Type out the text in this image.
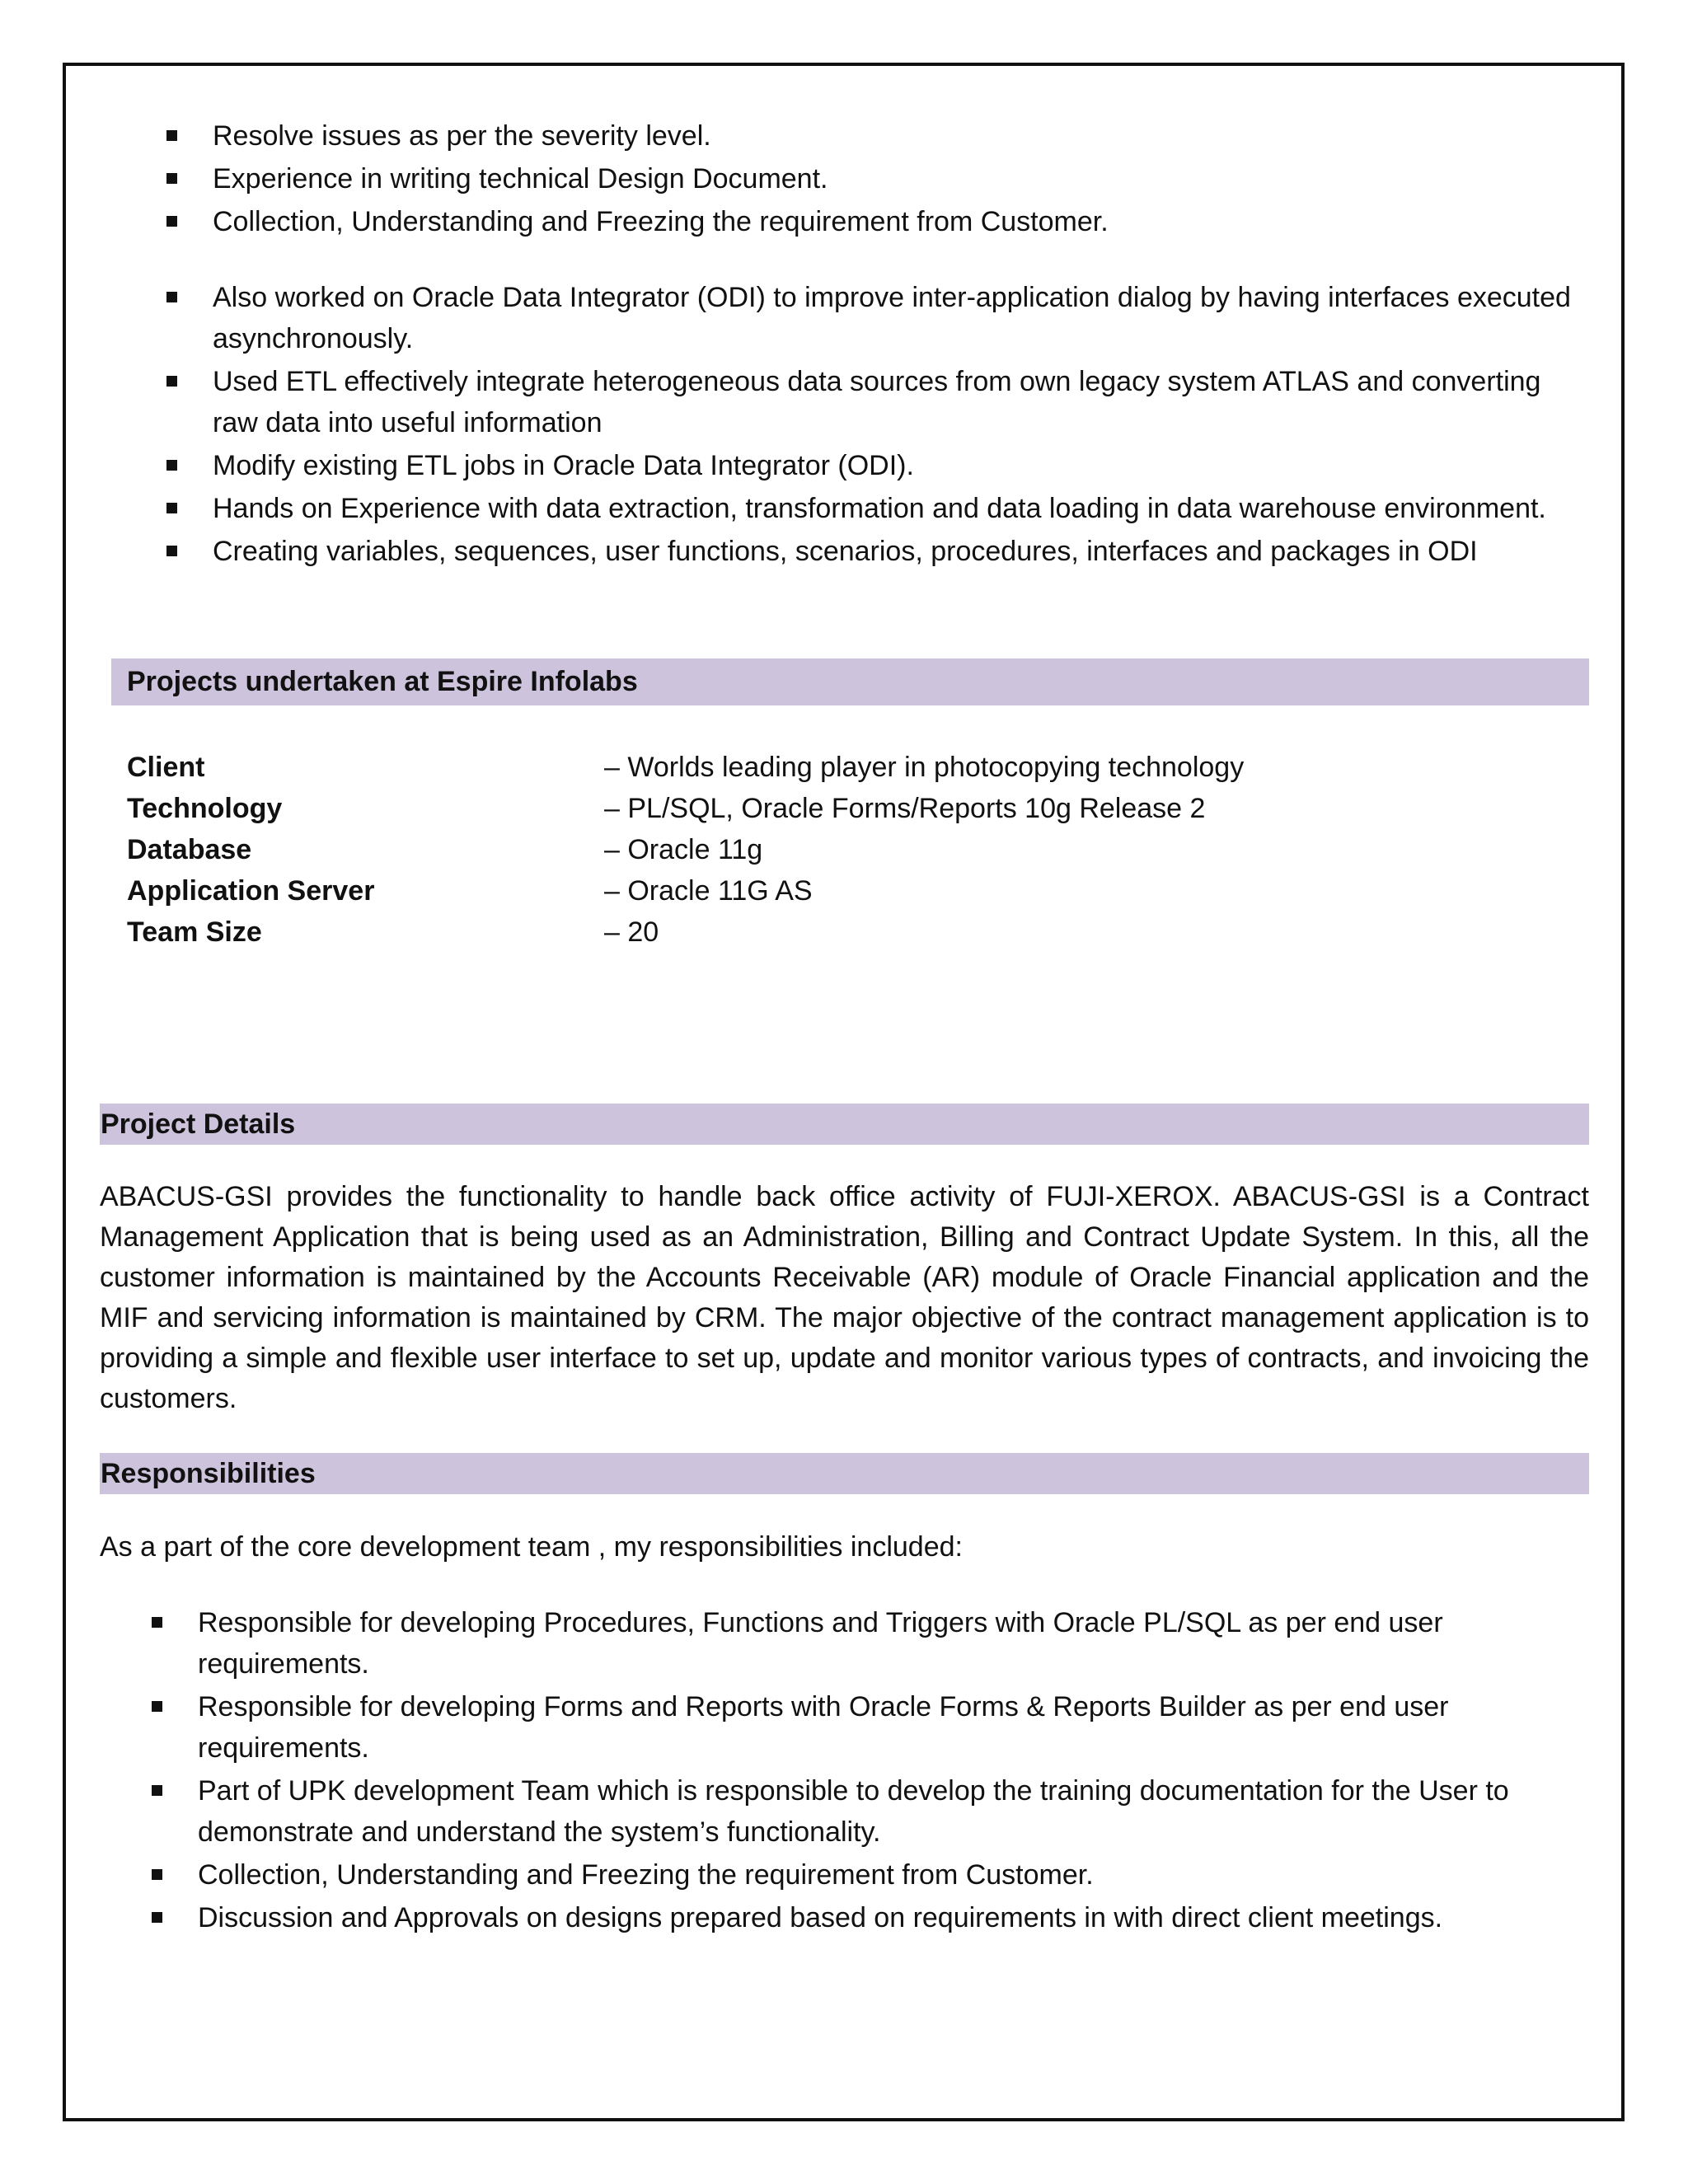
Resolve issues as per the severity level.
Experience in writing technical Design Document.
Collection, Understanding and Freezing the requirement from Customer.
Also worked on Oracle Data Integrator (ODI) to improve inter-application dialog by having interfaces executed asynchronously.
Used ETL effectively integrate heterogeneous data sources from own legacy system ATLAS and converting raw data into useful information
Modify existing ETL jobs in Oracle Data Integrator (ODI).
Hands on Experience with data extraction, transformation and data loading in data warehouse environment.
Creating variables, sequences, user functions, scenarios, procedures, interfaces and packages in ODI
Projects undertaken at Espire Infolabs
Client	– Worlds leading player in photocopying technology
Technology	– PL/SQL, Oracle Forms/Reports 10g Release 2
Database	– Oracle 11g
Application Server	– Oracle 11G AS
Team Size	– 20
Project Details

ABACUS-GSI provides the functionality to handle back office activity of FUJI-XEROX. ABACUS-GSI is a Contract Management Application that is being used as an Administration, Billing and Contract Update System. In this, all the customer information is maintained by the Accounts Receivable (AR) module of Oracle Financial application and the MIF and servicing information is maintained by CRM. The major objective of the contract management application is to providing a simple and flexible user interface to set up, update and monitor various types of contracts, and invoicing the customers.

Responsibilities

As a part of the core development team , my responsibilities included:

Responsible for developing Procedures, Functions and Triggers with Oracle PL/SQL as per end user requirements.
Responsible for developing Forms and Reports with Oracle Forms & Reports Builder as per end user requirements.
Part of UPK development Team which is responsible to develop the training documentation for the User to demonstrate and understand the system’s functionality.
Collection, Understanding and Freezing the requirement from Customer.
Discussion and Approvals on designs prepared based on requirements in with direct client meetings.
